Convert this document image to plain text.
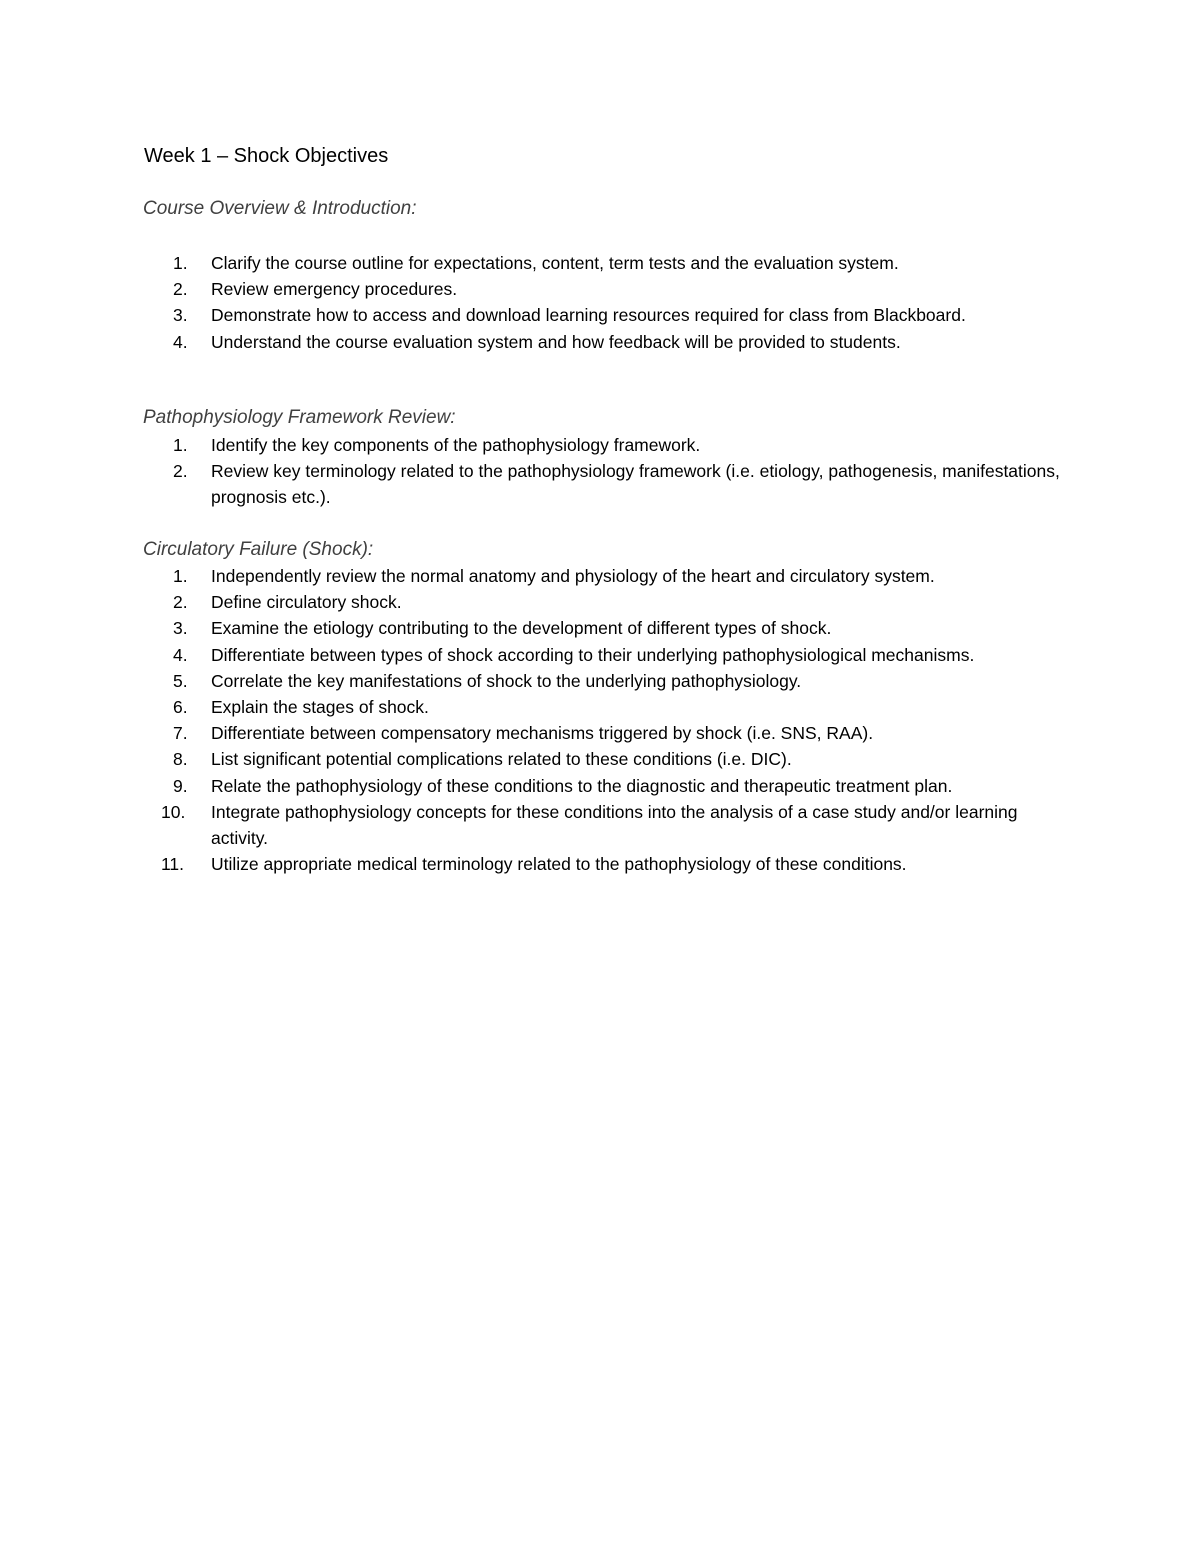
Week 1 – Shock Objectives
Course Overview & Introduction:
1.	Clarify the course outline for expectations, content, term tests and the evaluation system.
2.	Review emergency procedures.
3.	Demonstrate how to access and download learning resources required for class from Blackboard.
4.	Understand the course evaluation system and how feedback will be provided to students.
Pathophysiology Framework Review:
1.	Identify the key components of the pathophysiology framework.
2.	Review key terminology related to the pathophysiology framework (i.e. etiology, pathogenesis, manifestations, prognosis etc.).
Circulatory Failure (Shock):
1.	Independently review the normal anatomy and physiology of the heart and circulatory system.
2.	Define circulatory shock.
3.	Examine the etiology contributing to the development of different types of shock.
4.	Differentiate between types of shock according to their underlying pathophysiological mechanisms.
5.	Correlate the key manifestations of shock to the underlying pathophysiology.
6.	Explain the stages of shock.
7.	Differentiate between compensatory mechanisms triggered by shock (i.e. SNS, RAA).
8.	List significant potential complications related to these conditions (i.e. DIC).
9.	Relate the pathophysiology of these conditions to the diagnostic and therapeutic treatment plan.
10.	Integrate pathophysiology concepts for these conditions into the analysis of a case study and/or learning activity.
11.	Utilize appropriate medical terminology related to the pathophysiology of these conditions.
